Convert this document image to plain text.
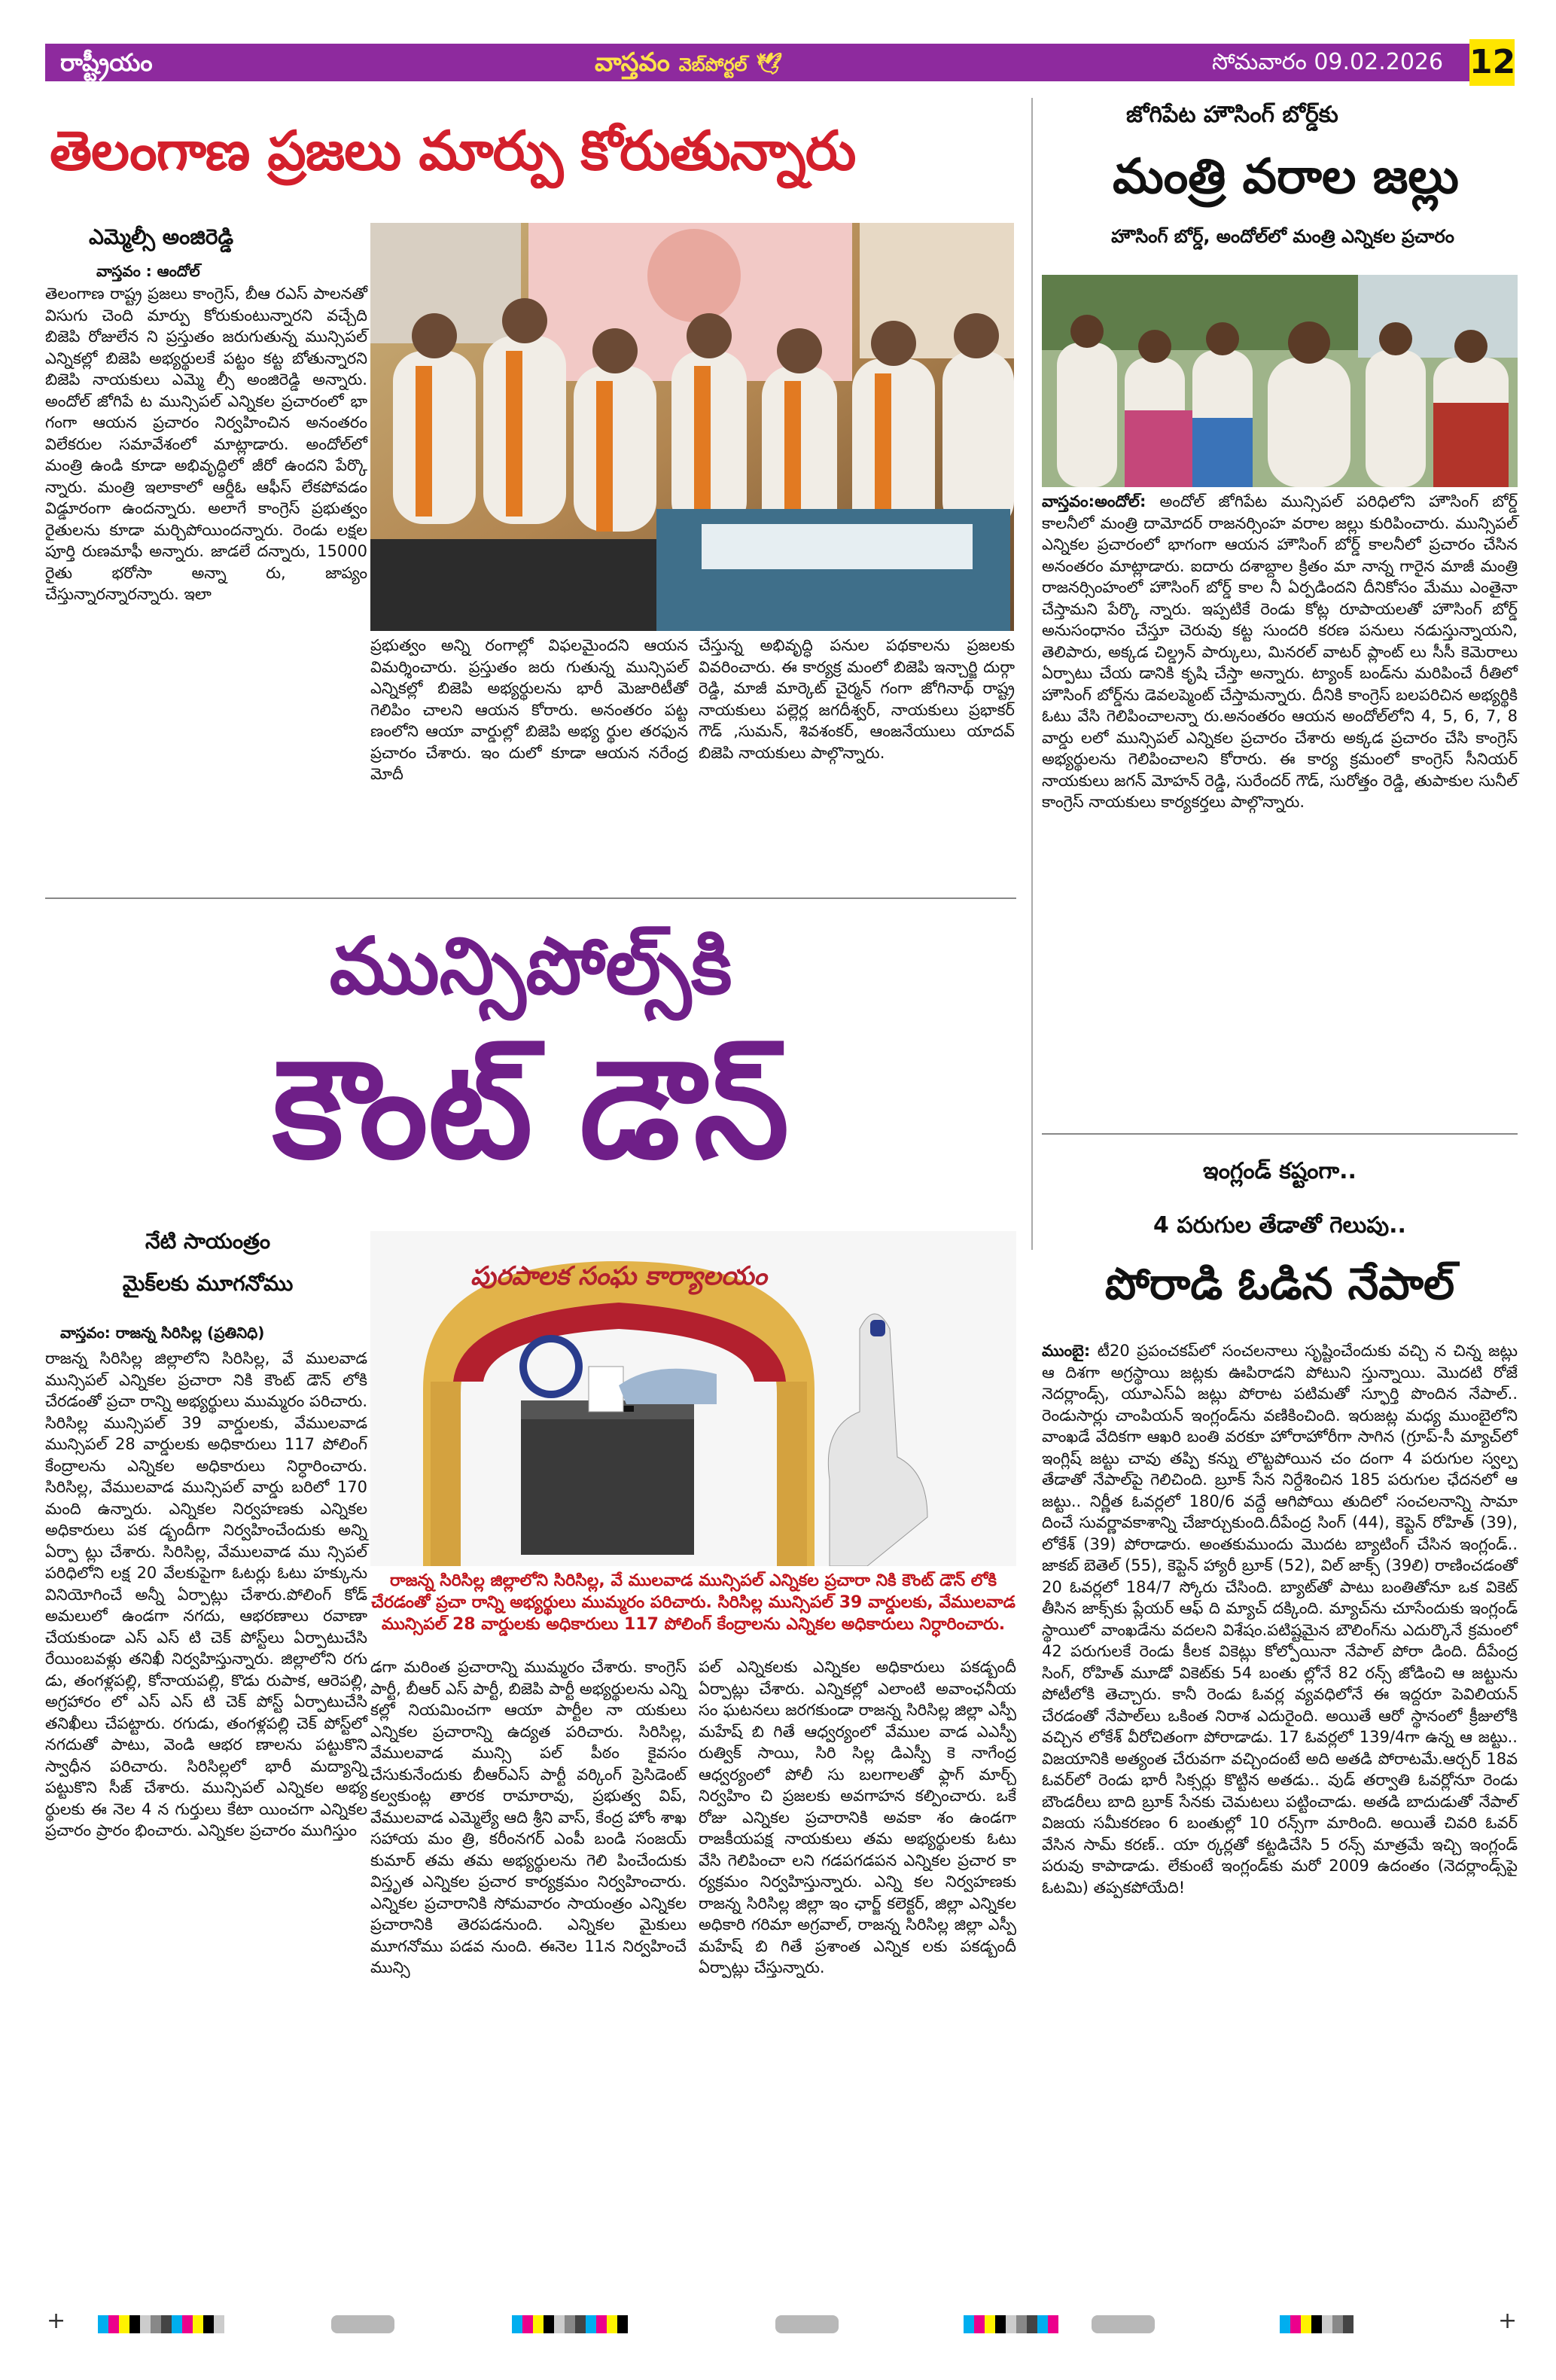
రాష్ట్రీయం	వాస్తవం వెబ్‌పోర్టల్ 🕊	సోమవారం 09.02.2026 12
తెలంగాణ ప్రజలు మార్పు కోరుతున్నారు
ఎమ్మెల్సీ అంజిరెడ్డి
వాస్తవం : ఆందోల్
తెలంగాణ రాష్ట్ర ప్రజలు కాంగ్రెస్, బీఆ రఎస్ పాలనతో విసుగు చెంది మార్పు కోరుకుంటున్నారని వచ్చేది బిజెపి రోజులేన ని ప్రస్తుతం జరుగుతున్న మున్సిపల్ ఎన్నికల్లో బిజెపి అభ్యర్థులకే పట్టం కట్ట బోతున్నారని బిజెపి నాయకులు ఎమ్మె ల్సీ అంజిరెడ్డి అన్నారు. అందోల్ జోగిపే ట మున్సిపల్ ఎన్నికల ప్రచారంలో భా గంగా ఆయన ప్రచారం నిర్వహించిన అనంతరం విలేకరుల సమావేశంలో మాట్లాడారు. అందోల్‌లో మంత్రి ఉండి కూడా అభివృద్ధిలో జీరో ఉందని పేర్కొ న్నారు. మంత్రి ఇలాకాలో ఆర్డీఓ ఆఫీస్ లేకపోవడం విడ్డూరంగా ఉందన్నారు. అలాగే కాంగ్రెస్ ప్రభుత్వం రైతులను కూడా మర్చిపోయిందన్నారు. రెండు లక్షల పూర్తి రుణమాఫీ అన్నారు. జాడలే దన్నారు, 15000 రైతు భరోసా అన్నా రు, జాప్యం చేస్తున్నారన్నారన్నారు. ఇలా
ప్రభుత్వం అన్ని రంగాల్లో విఫలమైందని ఆయన విమర్శించారు. ప్రస్తుతం జరు గుతున్న మున్సిపల్ ఎన్నికల్లో బిజెపి అభ్యర్థులను భారీ మెజారిటీతో గెలిపిం చాలని ఆయన కోరారు. అనంతరం పట్ట ణంలోని ఆయా వార్డుల్లో బిజెపి అభ్య ర్థుల తరఫున ప్రచారం చేశారు. ఇం దులో కూడా ఆయన నరేంద్ర మోదీ
చేస్తున్న అభివృద్ధి పనుల పథకాలను ప్రజలకు వివరించారు. ఈ కార్యక్ర మంలో బిజెపి ఇన్చార్జి దుర్గా రెడ్డి, మాజీ మార్కెట్ చైర్మన్ గంగా జోగినాథ్ రాష్ట్ర నాయకులు పల్లెర్ల జగదీశ్వర్, నాయకులు ప్రభాకర్ గౌడ్ ,సుమన్, శివశంకర్, ఆంజనేయులు యాదవ్ బిజెపి నాయకులు పాల్గొన్నారు.
జోగిపేట హౌసింగ్ బోర్డ్‌కు
మంత్రి వరాల జల్లు
హౌసింగ్ బోర్డ్, అందోల్‌లో మంత్రి ఎన్నికల ప్రచారం
వాస్తవం:అందోల్: అందోల్ జోగిపేట మున్సిపల్ పరిధిలోని హౌసింగ్ బోర్డ్ కాలనీలో మంత్రి దామోదర్ రాజనర్సింహ వరాల జల్లు కురిపించారు. మున్సిపల్ ఎన్నికల ప్రచారంలో భాగంగా ఆయన హౌసింగ్ బోర్డ్ కాలనీలో ప్రచారం చేసిన అనంతరం మాట్లాడారు. ఐదారు దశాబ్దాల క్రితం మా నాన్న గారైన మాజీ మంత్రి రాజనర్సింహంలో హౌసింగ్ బోర్డ్ కాల నీ ఏర్పడిందని దీనికోసం మేము ఎంతైనా చేస్తామని పేర్కొ న్నారు. ఇప్పటికే రెండు కోట్ల రూపాయలతో హౌసింగ్ బోర్డ్ అనుసంధానం చేస్తూ చెరువు కట్ట సుందరి కరణ పనులు నడుస్తున్నాయని, తెలిపారు, అక్కడ చిల్డ్రన్ పార్కులు, మినరల్ వాటర్ ప్లాంట్ లు సీసీ కెమెరాలు ఏర్పాటు చేయ డానికి కృషి చేస్తా అన్నారు. ట్యాంక్ బండ్‌ను మరిపించే రీతిలో హౌసింగ్ బోర్డ్‌ను డెవలప్మెంట్ చేస్తామన్నారు. దీనికి కాంగ్రెస్ బలపరిచిన అభ్యర్థికి ఓటు వేసి గెలిపించాలన్నా రు.అనంతరం ఆయన అందోల్‌లోని 4, 5, 6, 7, 8 వార్డు లలో మున్సిపల్ ఎన్నికల ప్రచారం చేశారు అక్కడ ప్రచారం చేసి కాంగ్రెస్ అభ్యర్థులను గెలిపించాలని కోరారు. ఈ కార్య క్రమంలో కాంగ్రెస్ సీనియర్ నాయకులు జగన్ మోహన్ రెడ్డి, సురేందర్ గౌడ్, సురోత్తం రెడ్డి, తుపాకుల సునీల్ కాంగ్రెస్ నాయకులు కార్యకర్తలు పాల్గొన్నారు.
ఇంగ్లండ్ కష్టంగా..
4 పరుగుల తేడాతో గెలుపు..
పోరాడి ఓడిన నేపాల్
ముంబై: టీ20 ప్రపంచకప్‌లో సంచలనాలు సృష్టించేందుకు వచ్చి న చిన్న జట్లు ఆ దిశగా అగ్రస్థాయి జట్లకు ఊపిరాడని పోటుని స్తున్నాయి. మొదటి రోజే నెదర్లాండ్స్, యూఎస్‌ఏ జట్లు పోరాట పటిమతో స్ఫూర్తి పొందిన నేపాల్.. రెండుసార్లు చాంపియన్ ఇంగ్లండ్‌ను వణికించింది. ఇరుజట్ల మధ్య ముంబైలోని వాంఖడే వేదికగా ఆఖరి బంతి వరకూ హోరాహోరీగా సాగిన (గ్రూప్-సీ మ్యాచ్‌లో ఇంగ్లిష్ జట్టు చావు తప్పి కన్ను లొట్టపోయిన చం దంగా 4 పరుగుల స్వల్ప తేడాతో నేపాల్‌పై గెలిచింది. బ్రూక్ సేన నిర్దేశించిన 185 పరుగుల ఛేదనలో ఆ జట్టు.. నిర్ణీత ఓవర్లలో 180/6 వద్దే ఆగిపోయి తుదిలో సంచలనాన్ని సామా దించే సువర్ణావకాశాన్ని చేజార్చుకుంది.దీపేంద్ర సింగ్ (44), కెప్టెన్ రోహిత్ (39), లోకేశ్ (39) పోరాడారు. అంతకుముందు మొదట బ్యాటింగ్ చేసిన ఇంగ్లండ్.. జాకబ్ బెతెల్ (55), కెప్టెన్ హ్యారీ బ్రూక్ (52), విల్ జాక్స్ (39లి) రాణించడంతో 20 ఓవర్లలో 184/7 స్కోరు చేసింది. బ్యాట్‌తో పాటు బంతితోనూ ఒక వికెట్ తీసిన జాక్స్‌కు ప్లేయర్ ఆఫ్ ది మ్యాచ్ దక్కింది. మ్యాచ్‌ను చూసేందుకు ఇంగ్లండ్ స్థాయిలో వాంఖడేను వదలని విశేషం.పటిష్టమైన బౌలింగ్‌ను ఎదుర్కొనే క్రమంలో 42 పరుగులకే రెండు కీలక వికెట్లు కోల్పోయినా నేపాల్ పోరా డింది. దీపేంద్ర సింగ్, రోహిత్ మూడో వికెట్‌కు 54 బంతు ల్లోనే 82 రన్స్ జోడించి ఆ జట్టును పోటీలోకి తెచ్చారు. కానీ రెండు ఓవర్ల వ్యవధిలోనే ఈ ఇద్దరూ పెవిలియన్ చేరడంతో నేపాల్‌లు ఒకింత నిరాశ ఎదురైంది. అయితే ఆరో స్థానంలో క్రీజులోకి వచ్చిన లోకేశ్ వీరోచితంగా పోరాడాడు. 17 ఓవర్లలో 139/4గా ఉన్న ఆ జట్టు.. విజయానికి అత్యంత చేరువగా వచ్చిందంటే అది అతడి పోరాటమే.ఆర్చర్ 18వ ఓవర్‌లో రెండు భారీ సిక్సర్లు కొట్టిన అతడు.. వుడ్ తర్వాతి ఓవర్లోనూ రెండు బౌండరీలు బాది బ్రూక్ సేనకు చెమటలు పట్టించాడు. అతడి బాదుడుతో నేపాల్ విజయ సమీకరణం 6 బంతుల్లో 10 రన్స్‌గా మారింది. అయితే చివరి ఓవర్ వేసిన సామ్ కరణ్.. యా ర్కర్లతో కట్టడిచేసి 5 రన్స్ మాత్రమే ఇచ్చి ఇంగ్లండ్ పరువు కాపాడాడు. లేకుంటే ఇంగ్లండ్‌కు మరో 2009 ఉదంతం (నెదర్లాండ్స్‌పై ఓటమి) తప్పకపోయేది!
మున్సిపోల్స్‌కి
కౌంట్ డౌన్
నేటి సాయంత్రం
మైక్‌లకు మూగనోము
వాస్తవం: రాజన్న సిరిసిల్ల (ప్రతినిధి)
రాజన్న సిరిసిల్ల జిల్లాలోని సిరిసిల్ల, వే ములవాడ మున్సిపల్ ఎన్నికల ప్రచారా నికి కౌంట్ డౌన్ లోకి చేరడంతో ప్రచా రాన్ని అభ్యర్థులు ముమ్మరం పరిచారు. సిరిసిల్ల మున్సిపల్ 39 వార్డులకు, వేములవాడ మున్సిపల్ 28 వార్డులకు అధికారులు 117 పోలింగ్ కేంద్రాలను ఎన్నికల అధికారులు నిర్ధారించారు. సిరిసిల్ల, వేములవాడ మున్సిపల్ వార్డు బరిలో 170 మంది ఉన్నారు. ఎన్నికల నిర్వహణకు ఎన్నికల అధికారులు పక డ్బందీగా నిర్వహించేందుకు అన్ని ఏర్పా ట్లు చేశారు. సిరిసిల్ల, వేములవాడ ము న్సిపల్ పరిధిలోని లక్ష 20 వేలకుపైగా ఓటర్లు ఓటు హక్కును వినియోగించే అన్నీ ఏర్పాట్లు చేశారు.పోలింగ్ కోడ్ అమలులో ఉండగా నగదు, ఆభరణాలు రవాణా చేయకుండా ఎస్ ఎస్ టి చెక్ పోస్ట్‌లు ఏర్పాటుచేసి రేయింబవళ్లు తనిఖీ నిర్వహిస్తున్నారు. జిల్లాలోని రగు డు, తంగళ్లపల్లి, కోనాయపల్లి, కొడు రుపాక, ఆరెపల్లి, అగ్రహారం లో ఎస్ ఎస్ టి చెక్ పోస్ట్ ఏర్పాటుచేసి తనిఖీలు చేపట్టారు. రగుడు, తంగళ్లపల్లి చెక్ పోస్ట్‌లో నగదుతో పాటు, వెండి ఆభర ణాలను పట్టుకొని స్వాధీన పరిచారు. సిరిసిల్లలో భారీ మద్యాన్ని పట్టుకొని సీజ్ చేశారు. మున్సిపల్ ఎన్నికల అభ్య ర్థులకు ఈ నెల 4 న గుర్తులు కేటా యించగా ఎన్నికల ప్రచారం ప్రారం భించారు. ఎన్నికల ప్రచారం ముగిస్తుం
పురపాలక సంఘ కార్యాలయం
రాజన్న సిరిసిల్ల జిల్లాలోని సిరిసిల్ల, వే ములవాడ మున్సిపల్ ఎన్నికల ప్రచారా నికి కౌంట్ డౌన్ లోకి చేరడంతో ప్రచా రాన్ని అభ్యర్థులు ముమ్మరం పరిచారు. సిరిసిల్ల మున్సిపల్ 39 వార్డులకు, వేములవాడ మున్సిపల్ 28 వార్డులకు అధికారులు 117 పోలింగ్ కేంద్రాలను ఎన్నికల అధికారులు నిర్ధారించారు.
డగా మరింత ప్రచారాన్ని ముమ్మరం చేశారు. కాంగ్రెస్ పార్టీ, బీఆర్ ఎస్ పార్టీ, బిజెపి పార్టీ అభ్యర్థులను ఎన్ని కల్లో నియమించగా ఆయా పార్టీల నా యకులు ఎన్నికల ప్రచారాన్ని ఉద్యత పరిచారు. సిరిసిల్ల, వేములవాడ మున్సి పల్ పీఠం కైవసం చేసుకునేందుకు బీఆర్ఎస్ పార్టీ వర్కింగ్ ప్రెసిడెంట్ కల్వకుంట్ల తారక రామారావు, ప్రభుత్వ విప్, వేములవాడ ఎమ్మెల్యే ఆది శ్రీని వాస్, కేంద్ర హోం శాఖ సహాయ మం త్రి, కరీంనగర్ ఎంపీ బండి సంజయ్ కుమార్ తమ తమ అభ్యర్థులను గెలి పించేందుకు విస్తృత ఎన్నికల ప్రచార కార్యక్రమం నిర్వహించారు. ఎన్నికల ప్రచారానికి సోమవారం సాయంత్రం ఎన్నికల ప్రచారానికి తెరపడనుంది. ఎన్నికల మైకులు మూగనోము పడవ నుంది. ఈనెల 11న నిర్వహించే మున్సి
పల్ ఎన్నికలకు ఎన్నికల అధికారులు పకడ్బందీ ఏర్పాట్లు చేశారు. ఎన్నికల్లో ఎలాంటి అవాంఛనీయ సం ఘటనలు జరగకుండా రాజన్న సిరిసిల్ల జిల్లా ఎస్పీ మహేష్ బి గితే ఆధ్వర్యంలో వేముల వాడ ఎఎస్పీ రుత్విక్ సాయి, సిరి సిల్ల డిఎస్పీ కె నాగేంద్ర ఆధ్వర్యంలో పోలీ సు బలగాలతో ఫ్లాగ్ మార్చ్ నిర్వహిం చి ప్రజలకు అవగాహన కల్పించారు. ఒకే రోజు ఎన్నికల ప్రచారానికి అవకా శం ఉండగా రాజకీయపక్ష నాయకులు తమ అభ్యర్థులకు ఓటు వేసి గెలిపించా లని గడపగడపన ఎన్నికల ప్రచార కా ర్యక్రమం నిర్వహిస్తున్నారు. ఎన్ని కల నిర్వహణకు రాజన్న సిరిసిల్ల జిల్లా ఇం ఛార్జ్ కలెక్టర్, జిల్లా ఎన్నికల అధికారి గరిమా అగ్రవాల్, రాజన్న సిరిసిల్ల జిల్లా ఎస్పీ మహేష్ బి గితే ప్రశాంత ఎన్నిక లకు పకడ్బందీ ఏర్పాట్లు చేస్తున్నారు.
+	+
